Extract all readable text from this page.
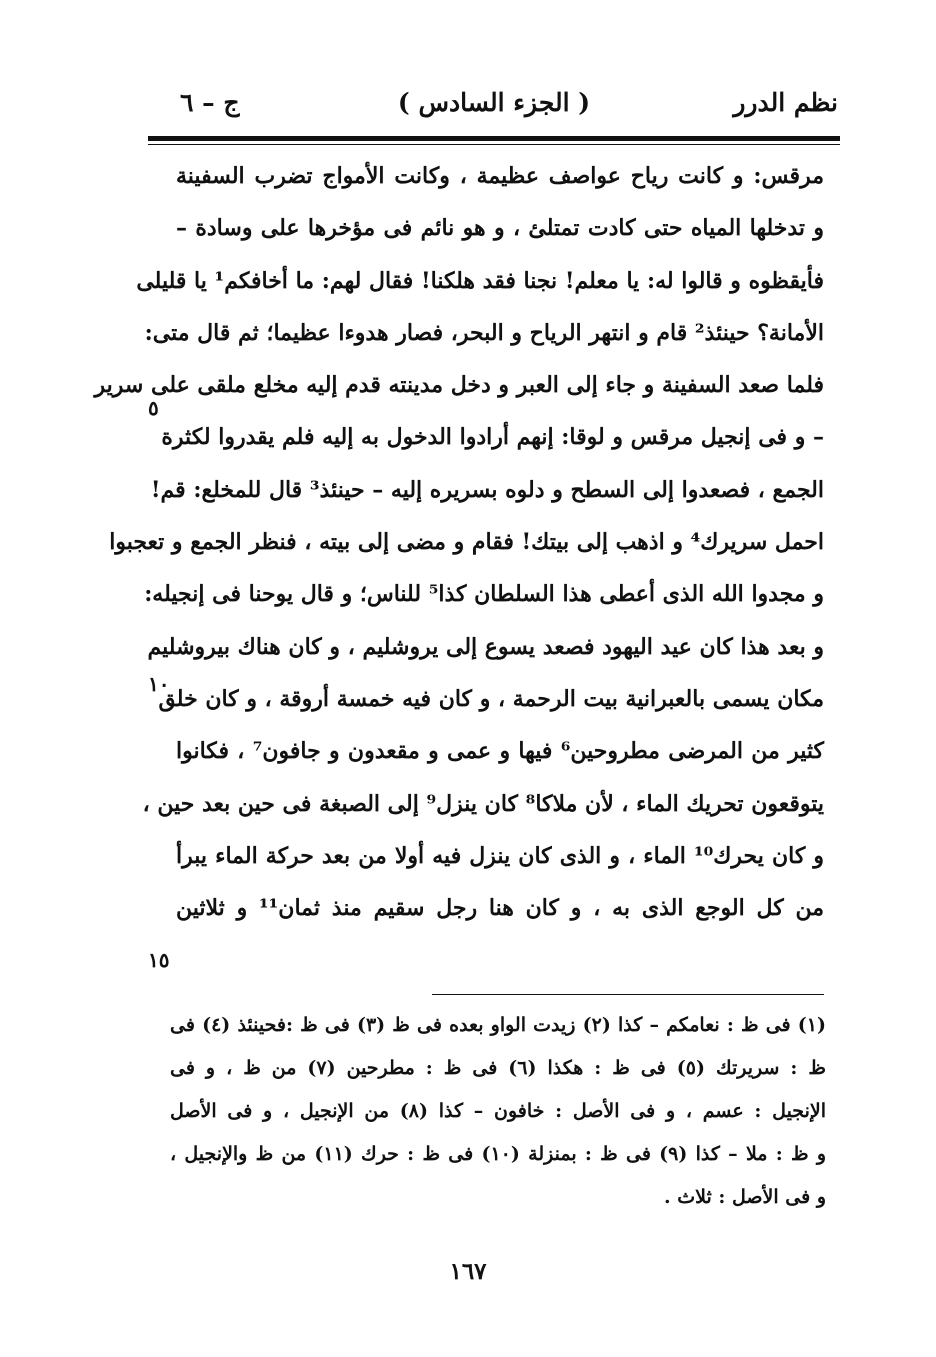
نظم الدرر
( الجزء السادس )
ج – ٦
مرقس: و كانت رياح عواصف عظيمة ، وكانت الأمواج تضرب السفينة
و تدخلها المياه حتى كادت تمتلئ ، و هو نائم فى مؤخرها على وسادة –
فأيقظوه و قالوا له: يا معلم! نجنا فقد هلكنا! فقال لهم: ما أخافكم¹ يا قليلى
الأمانة؟ حينئذ² قام و انتهر الرياح و البحر، فصار هدوءا عظيما؛ ثم قال متى:
فلما صعد السفينة و جاء إلى العبر و دخل مدينته قدم إليه مخلع ملقى على سرير
– و فى إنجيل مرقس و لوقا: إنهم أرادوا الدخول به إليه فلم يقدروا لكثرة
الجمع ، فصعدوا إلى السطح و دلوه بسريره إليه – حينئذ³ قال للمخلع: قم!
احمل سريرك⁴ و اذهب إلى بيتك! فقام و مضى إلى بيته ، فنظر الجمع و تعجبوا
و مجدوا الله الذى أعطى هذا السلطان كذا⁵ للناس؛ و قال يوحنا فى إنجيله:
و بعد هذا كان عيد اليهود فصعد يسوع إلى يروشليم ، و كان هناك بيروشليم
مكان يسمى بالعبرانية بيت الرحمة ، و كان فيه خمسة أروقة ، و كان خلق
كثير من المرضى مطروحين⁶ فيها و عمى و مقعدون و جافون⁷ ، فكانوا
يتوقعون تحريك الماء ، لأن ملاكا⁸ كان ينزل⁹ إلى الصبغة فى حين بعد حين ،
و كان يحرك¹⁰ الماء ، و الذى كان ينزل فيه أولا من بعد حركة الماء يبرأ
من كل الوجع الذى به ، و كان هنا رجل سقيم منذ ثمان¹¹ و ثلاثين
٥
١٠
١٥
(١) فى ظ : نعامكم – كذا (٢) زيدت الواو بعده فى ظ (٣) فى ظ :فحينئذ (٤) فى
ظ : سريرتك (٥) فى ظ : هكذا (٦) فى ظ : مطرحين (٧) من ظ ، و فى
الإنجيل : عسم ، و فى الأصل : خافون – كذا (٨) من الإنجيل ، و فى الأصل
و ظ : ملا – كذا (٩) فى ظ : بمنزلة (١٠) فى ظ : حرك (١١) من ظ والإنجيل ،
و فى الأصل : ثلاث .
١٦٧
